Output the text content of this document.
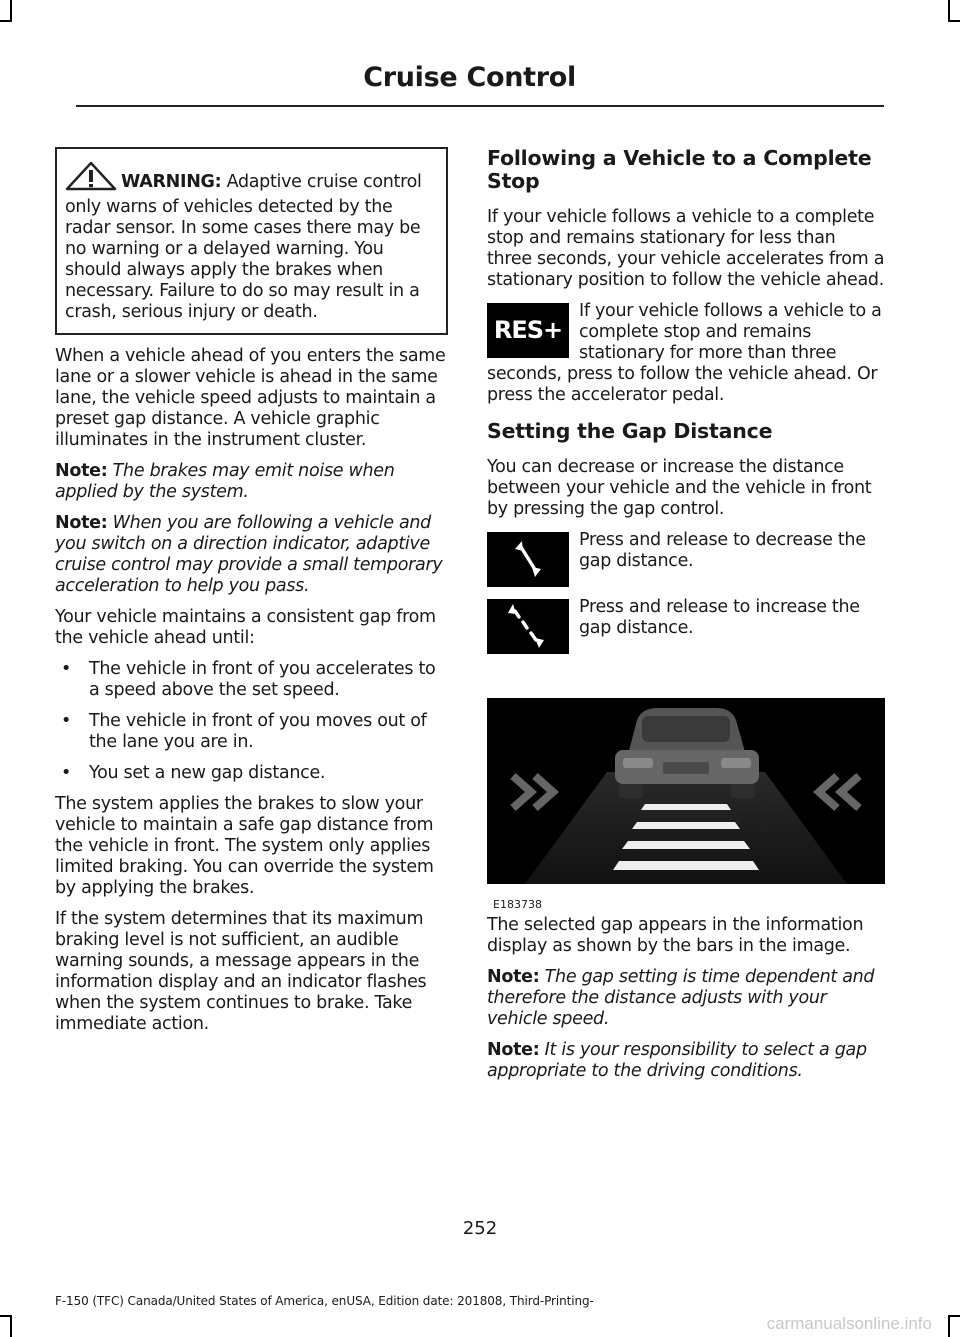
Cruise Control

WARNING: Adaptive cruise control only warns of vehicles detected by the radar sensor. In some cases there may be no warning or a delayed warning. You should always apply the brakes when necessary. Failure to do so may result in a crash, serious injury or death.

When a vehicle ahead of you enters the same lane or a slower vehicle is ahead in the same lane, the vehicle speed adjusts to maintain a preset gap distance. A vehicle graphic illuminates in the instrument cluster.

Note: The brakes may emit noise when applied by the system.

Note: When you are following a vehicle and you switch on a direction indicator, adaptive cruise control may provide a small temporary acceleration to help you pass.

Your vehicle maintains a consistent gap from the vehicle ahead until:

• The vehicle in front of you accelerates to a speed above the set speed.
• The vehicle in front of you moves out of the lane you are in.
• You set a new gap distance.

The system applies the brakes to slow your vehicle to maintain a safe gap distance from the vehicle in front. The system only applies limited braking. You can override the system by applying the brakes.

If the system determines that its maximum braking level is not sufficient, an audible warning sounds, a message appears in the information display and an indicator flashes when the system continues to brake. Take immediate action.

Following a Vehicle to a Complete Stop

If your vehicle follows a vehicle to a complete stop and remains stationary for less than three seconds, your vehicle accelerates from a stationary position to follow the vehicle ahead.

RES+
If your vehicle follows a vehicle to a complete stop and remains stationary for more than three seconds, press to follow the vehicle ahead. Or press the accelerator pedal.
Setting the Gap Distance

You can decrease or increase the distance between your vehicle and the vehicle in front by pressing the gap control.

Press and release to decrease the gap distance.
Press and release to increase the gap distance.
E183738

The selected gap appears in the information display as shown by the bars in the image.

Note: The gap setting is time dependent and therefore the distance adjusts with your vehicle speed.

Note: It is your responsibility to select a gap appropriate to the driving conditions.

252
F-150 (TFC) Canada/United States of America, enUSA, Edition date: 201808, Third-Printing-
carmanualsonline.info
